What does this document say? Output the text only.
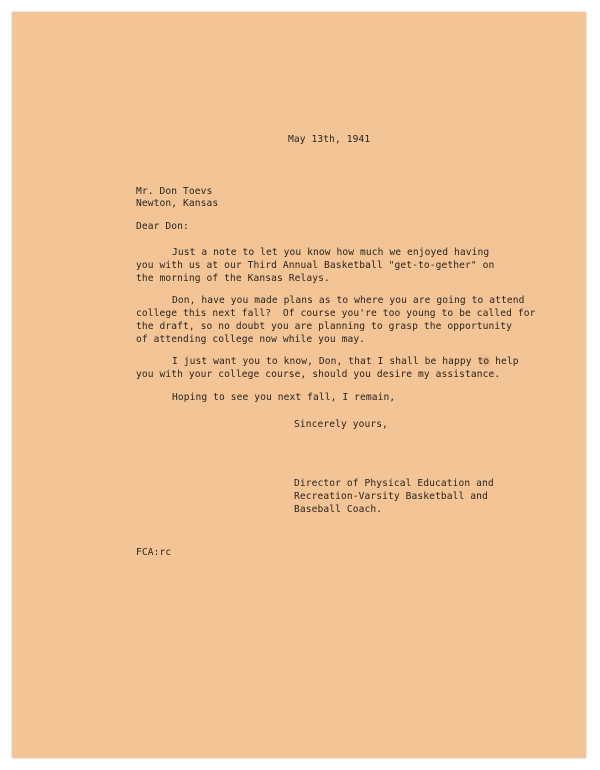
May 13th, 1941
Mr. Don Toevs
Newton, Kansas
Dear Don:
Just a note to let you know how much we enjoyed having
you with us at our Third Annual Basketball "get-to-gether" on
the morning of the Kansas Relays.
Don, have you made plans as to where you are going to attend
college this next fall?  Of course you're too young to be called for
the draft, so no doubt you are planning to grasp the opportunity
of attending college now while you may.
I just want you to know, Don, that I shall be happy to help
you with your college course, should you desire my assistance.
Hoping to see you next fall, I remain,
Sincerely yours,
Director of Physical Education and
Recreation-Varsity Basketball and
Baseball Coach.
FCA:rc
